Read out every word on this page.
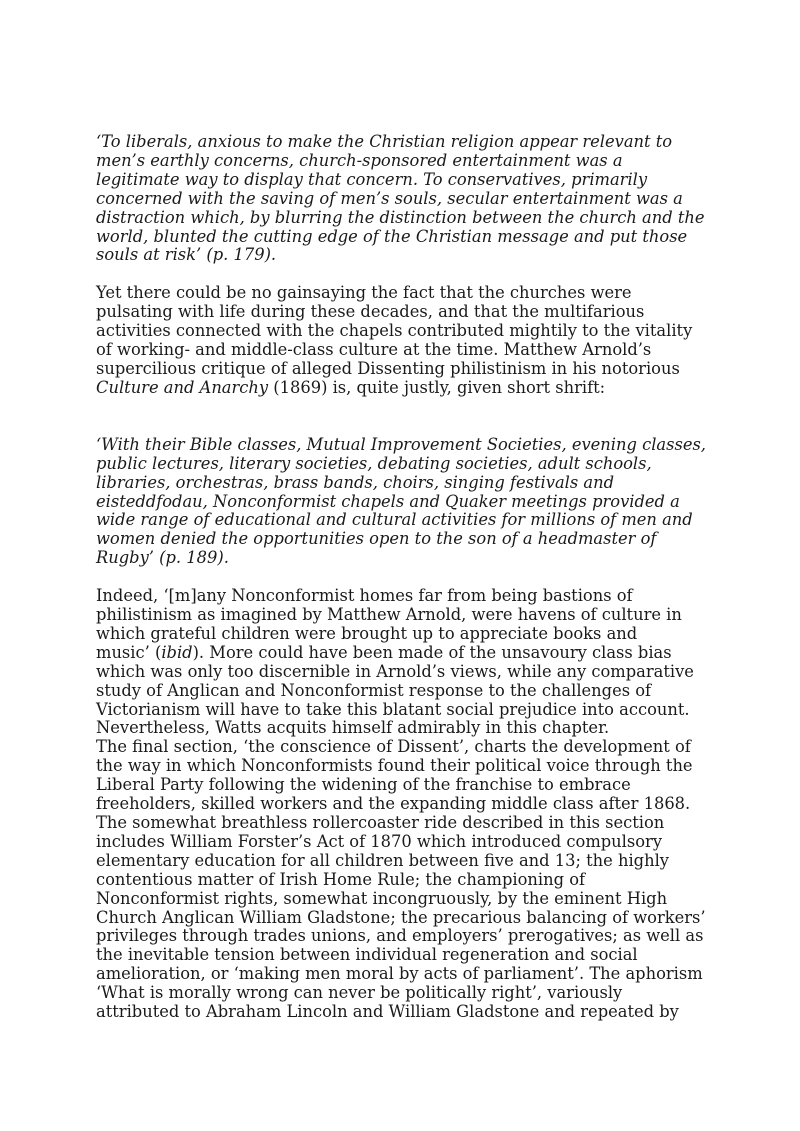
‘To liberals, anxious to make the Christian religion appear relevant to
men’s earthly concerns, church-sponsored entertainment was a
legitimate way to display that concern. To conservatives, primarily
concerned with the saving of men’s souls, secular entertainment was a
distraction which, by blurring the distinction between the church and the
world, blunted the cutting edge of the Christian message and put those
souls at risk’ (p. 179).

Yet there could be no gainsaying the fact that the churches were
pulsating with life during these decades, and that the multifarious
activities connected with the chapels contributed mightily to the vitality
of working- and middle-class culture at the time. Matthew Arnold’s
supercilious critique of alleged Dissenting philistinism in his notorious
Culture and Anarchy (1869) is, quite justly, given short shrift:

‘With their Bible classes, Mutual Improvement Societies, evening classes,
public lectures, literary societies, debating societies, adult schools,
libraries, orchestras, brass bands, choirs, singing festivals and
eisteddfodau, Nonconformist chapels and Quaker meetings provided a
wide range of educational and cultural activities for millions of men and
women denied the opportunities open to the son of a headmaster of
Rugby’ (p. 189).

Indeed, ‘[m]any Nonconformist homes far from being bastions of
philistinism as imagined by Matthew Arnold, were havens of culture in
which grateful children were brought up to appreciate books and
music’ (ibid). More could have been made of the unsavoury class bias
which was only too discernible in Arnold’s views, while any comparative
study of Anglican and Nonconformist response to the challenges of
Victorianism will have to take this blatant social prejudice into account.
Nevertheless, Watts acquits himself admirably in this chapter.

The final section, ‘the conscience of Dissent’, charts the development of
the way in which Nonconformists found their political voice through the
Liberal Party following the widening of the franchise to embrace
freeholders, skilled workers and the expanding middle class after 1868.
The somewhat breathless rollercoaster ride described in this section
includes William Forster’s Act of 1870 which introduced compulsory
elementary education for all children between five and 13; the highly
contentious matter of Irish Home Rule; the championing of
Nonconformist rights, somewhat incongruously, by the eminent High
Church Anglican William Gladstone; the precarious balancing of workers’
privileges through trades unions, and employers’ prerogatives; as well as
the inevitable tension between individual regeneration and social
amelioration, or ‘making men moral by acts of parliament’. The aphorism
‘What is morally wrong can never be politically right’, variously
attributed to Abraham Lincoln and William Gladstone and repeated by
